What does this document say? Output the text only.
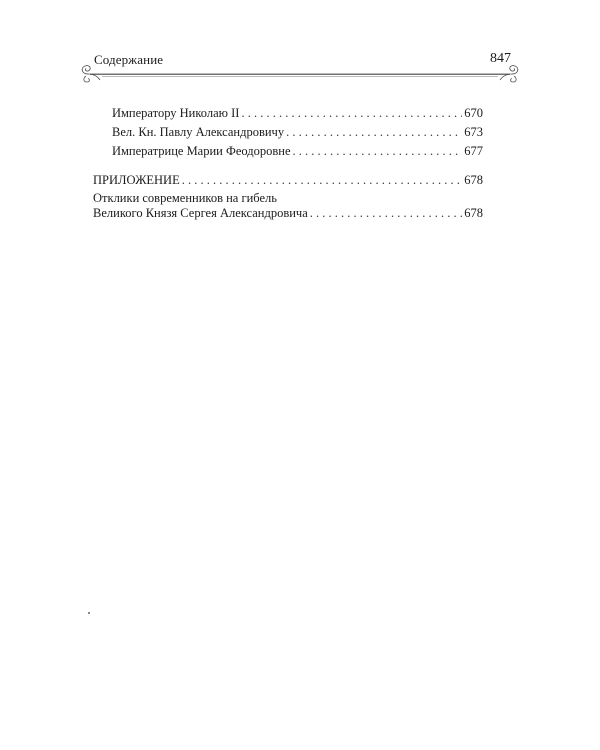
Содержание	847
Императору Николаю II . . .	670
Вел. Кн. Павлу Александровичу . . .	673
Императрице Марии Феодоровне . . .	677
ПРИЛОЖЕНИЕ . . .	678
Отклики современников на гибель
Великого Князя Сергея Александровича . . .	678
